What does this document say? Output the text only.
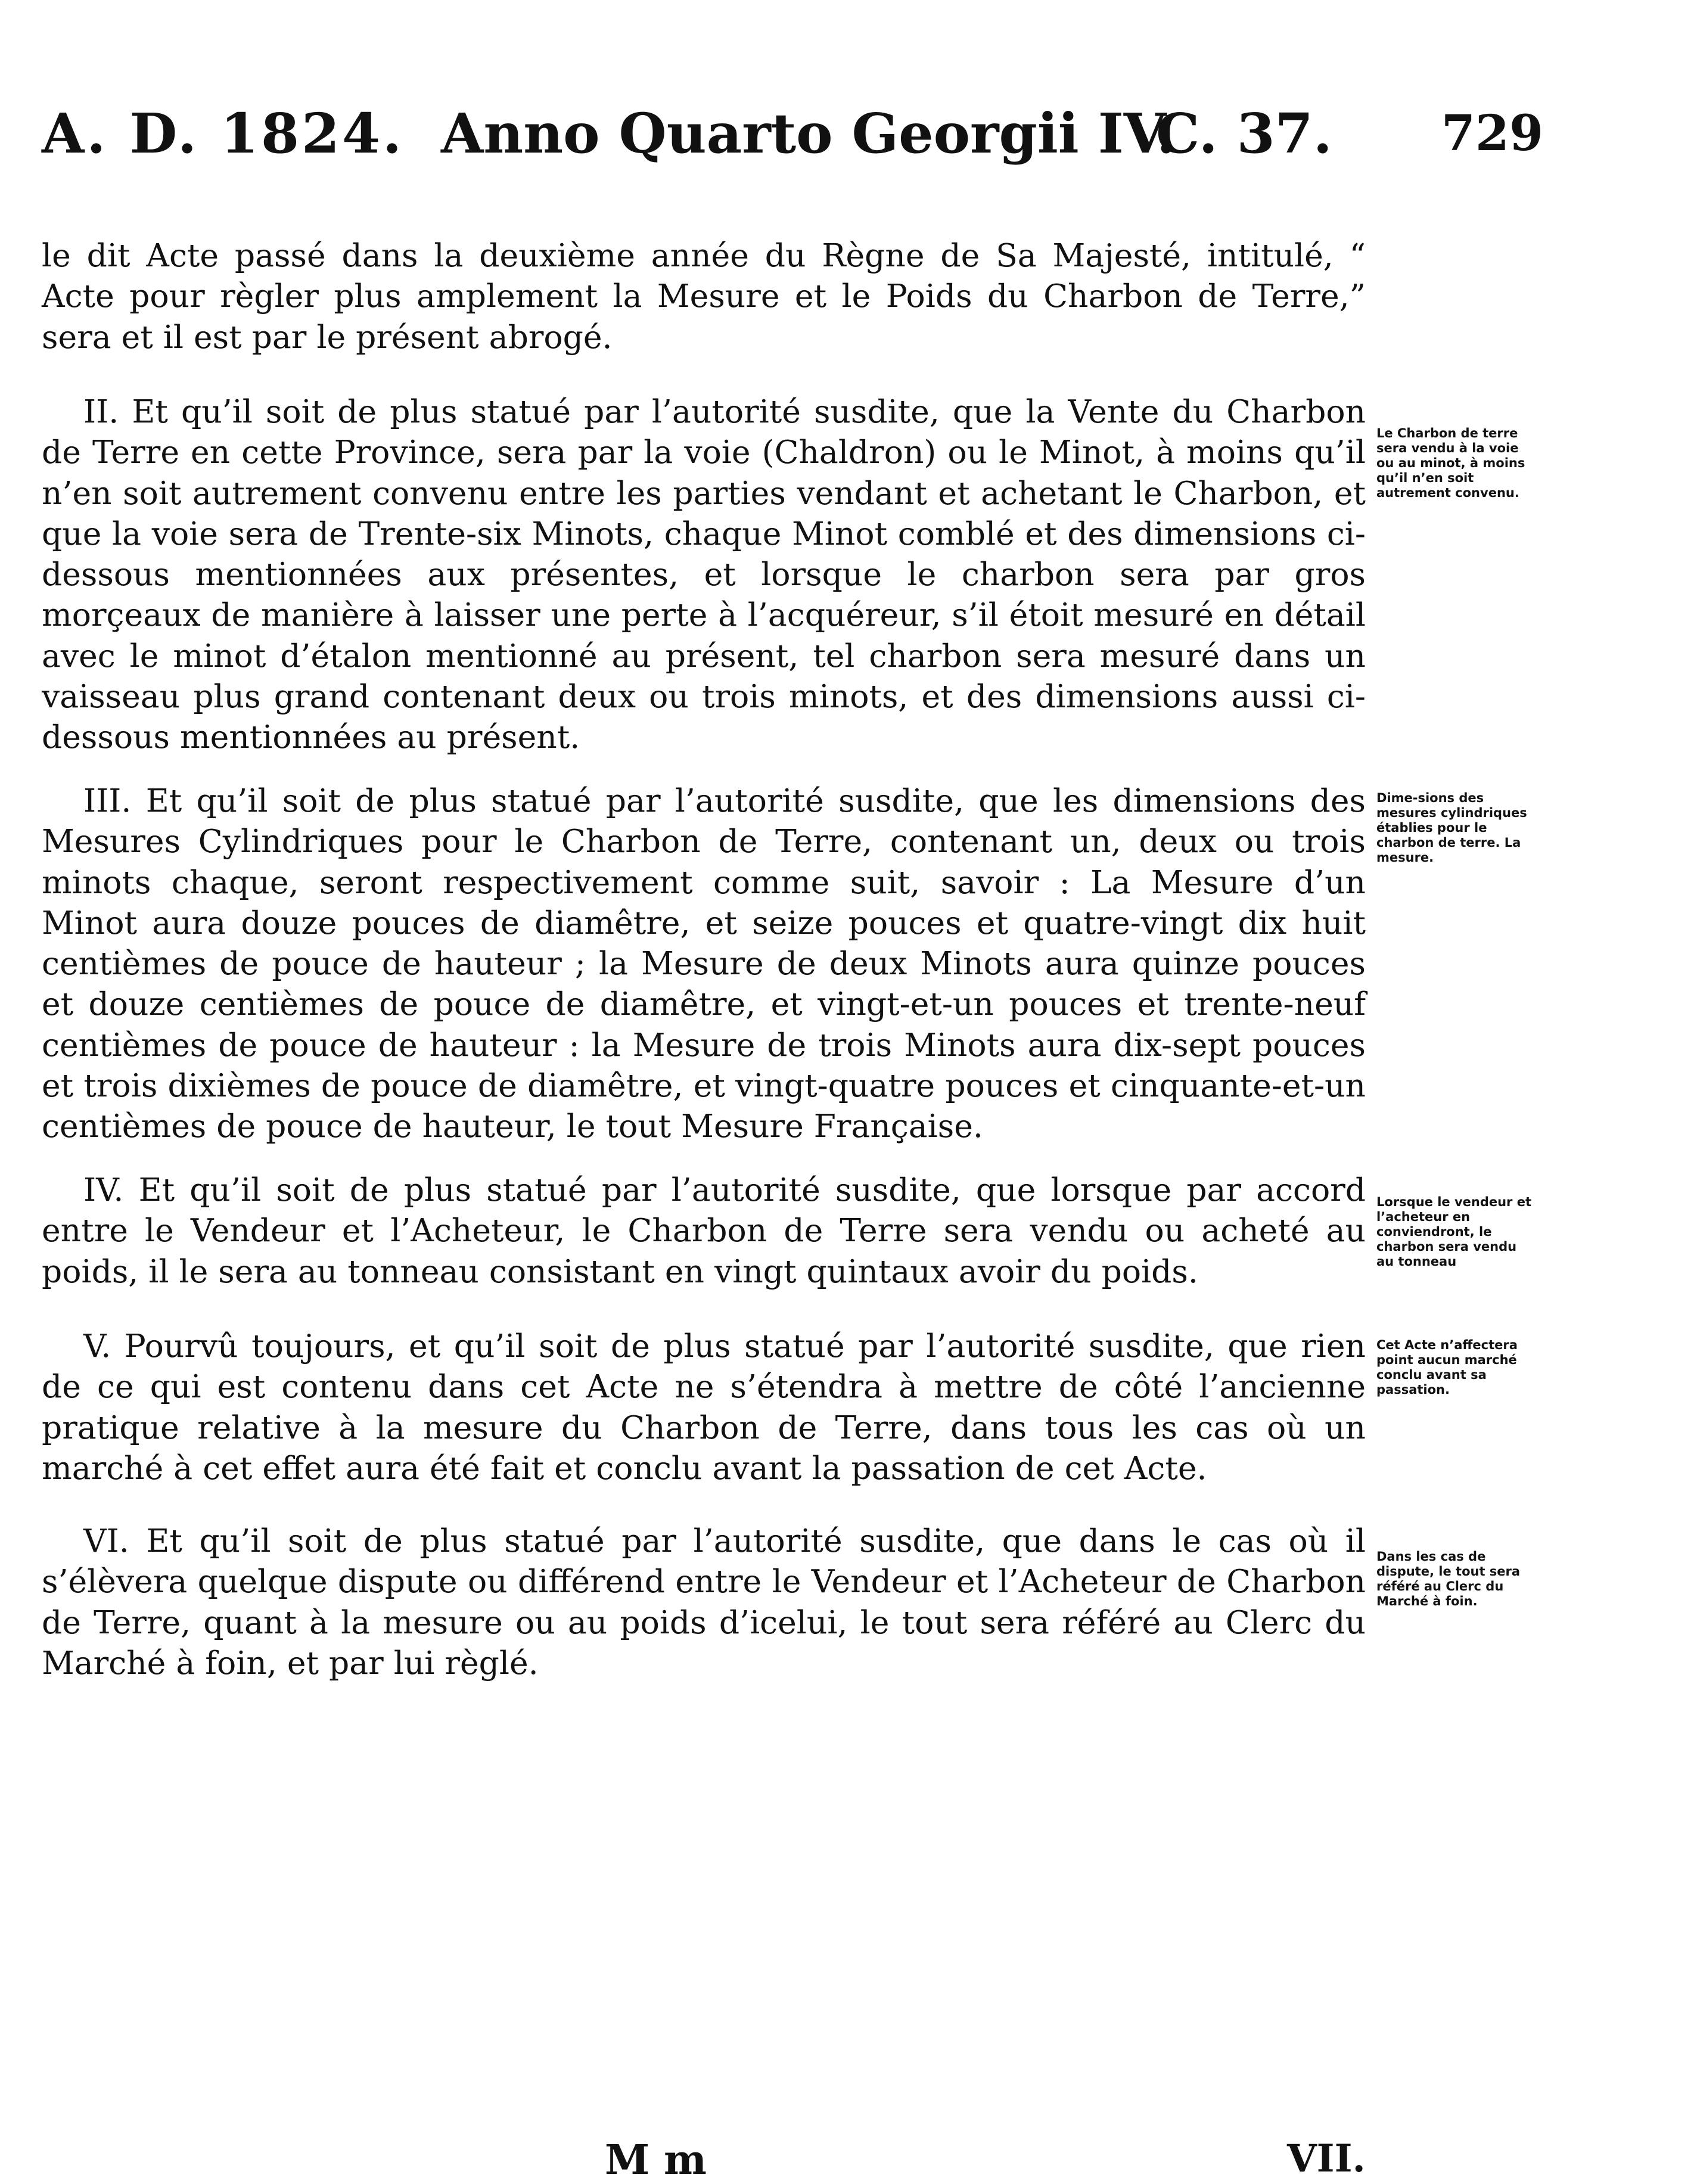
A. D. 1824. Anno Quarto Georgii IV.
C. 37. 729

le dit Acte passé dans la deuxième année du Règne de Sa Majesté, intitulé, “ Acte pour règler plus amplement la Mesure et le Poids du Charbon de Terre,” sera et il est par le présent abrogé.

II. Et qu’il soit de plus statué par l’autorité susdite, que la Vente du Charbon de Terre en cette Province, sera par la voie (Chaldron) ou le Minot, à moins qu’il n’en soit autrement convenu entre les parties vendant et achetant le Charbon, et que la voie sera de Trente-six Minots, chaque Minot comblé et des dimensions ci-dessous mentionnées aux présentes, et lorsque le charbon sera par gros morçeaux de manière à laisser une perte à l’acquéreur, s’il étoit mesuré en détail avec le minot d’étalon mentionné au présent, tel charbon sera mesuré dans un vaisseau plus grand contenant deux ou trois minots, et des dimensions aussi ci-dessous mentionnées au présent.

III. Et qu’il soit de plus statué par l’autorité susdite, que les dimensions des Mesures Cylindriques pour le Charbon de Terre, contenant un, deux ou trois minots chaque, seront respectivement comme suit, savoir : La Mesure d’un Minot aura douze pouces de diamêtre, et seize pouces et quatre-vingt dix huit centièmes de pouce de hauteur ; la Mesure de deux Minots aura quinze pouces et douze centièmes de pouce de diamêtre, et vingt-et-un pouces et trente-neuf centièmes de pouce de hauteur : la Mesure de trois Minots aura dix-sept pouces et trois dixièmes de pouce de diamêtre, et vingt-quatre pouces et cinquante-et-un centièmes de pouce de hauteur, le tout Mesure Française.

IV. Et qu’il soit de plus statué par l’autorité susdite, que lorsque par accord entre le Vendeur et l’Acheteur, le Charbon de Terre sera vendu ou acheté au poids, il le sera au tonneau consistant en vingt quintaux avoir du poids.

V. Pourvû toujours, et qu’il soit de plus statué par l’autorité susdite, que rien de ce qui est contenu dans cet Acte ne s’étendra à mettre de côté l’ancienne pratique relative à la mesure du Charbon de Terre, dans tous les cas où un marché à cet effet aura été fait et conclu avant la passation de cet Acte.

VI. Et qu’il soit de plus statué par l’autorité susdite, que dans le cas où il s’élèvera quelque dispute ou différend entre le Vendeur et l’Acheteur de Charbon de Terre, quant à la mesure ou au poids d’icelui, le tout sera référé au Clerc du Marché à foin, et par lui règlé.

Le Charbon de terre sera vendu à la voie ou au minot, à moins qu’il n’en soit autrement convenu.

Dime-sions des mesures cylindriques établies pour le charbon de terre. La mesure.

Lorsque le vendeur et l’acheteur en conviendront, le charbon sera vendu au tonneau

Cet Acte n’affectera point aucun marché conclu avant sa passation.

Dans les cas de dispute, le tout sera référé au Clerc du Marché à foin.

M m	VII.
